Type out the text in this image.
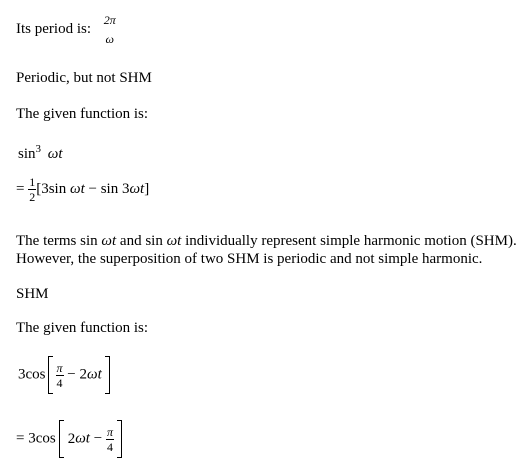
Its period is:
2π
ω
Periodic, but not SHM
The given function is:
$\sin^3 \omega t$
= $\frac{1}{2} [3\sin$ ωt − sin 3ωt]
The terms sin ωt and sin ωt individually represent simple harmonic motion (SHM).
However, the superposition of two SHM is periodic and not simple harmonic.
SHM
The given function is:
$3\cos \frac{\pi}{4} - 2\omega t$
= 3cos $2\omega t - \frac{\pi}{4}$
